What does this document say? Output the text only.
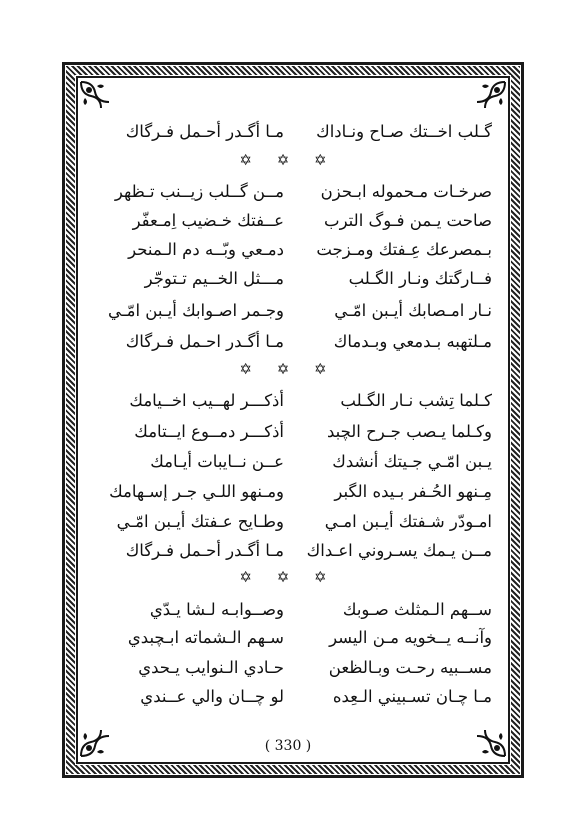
گـلب اخــتك صـاح ونـاداك
مـا أگـدر أحـمل فـرگاك
✡ ✡ ✡
صرخـات مـحموله ابـحزن
مــن گــلب زيــنب تـظهر
صاحت يـمن فـوگ الترب
عــفتك خـضيب اِمـعفّر
بـمصرعك عِـفتك ومـزجت
دمـعي وبّــه دم الـمنحر
فــارگتك ونـار الگـلب
مـــثل الخــيم تـتوجّر
نـار امـصابك أيـبن امّـي
وجـمر اصـوابك أيـبن امّـي
مـلتهبه بـدمعي وبـدماك
مـا أگـدر احـمل فـرگاك
✡ ✡ ✡
كـلما تِشب نـار الگـلب
أذكـــر لهــيب اخــيامك
وكـلما يـصب جـرح الچبد
أذكـــر دمــوع ايــتامك
يـبن امّـي جـيتك أنشدك
عــن نــايبات أيـامك
مِـنهو الحُـفر بـيده الگبر
ومـنهو اللـي جـر إسـهامك
امـودّر شـفتك أيـبن امـي
وطـايح عـفتك أيـبن امّـي
مــن يـمك يسـروني اعـداك
مـا أگـدر أحـمل فـرگاك
✡ ✡ ✡
ســهم الـمثلث صـوبك
وصــوابـه لـشا يـدّي
وآنــه يــخويه مـن اليسر
سـهم الـشماته ابـچبدي
مســبيه رحـت وبـالظعن
حـادي الـنوايب يـحدي
مـا چـان تسـبيني الـعِده
لو چــان والي عــندي
( 330 )
